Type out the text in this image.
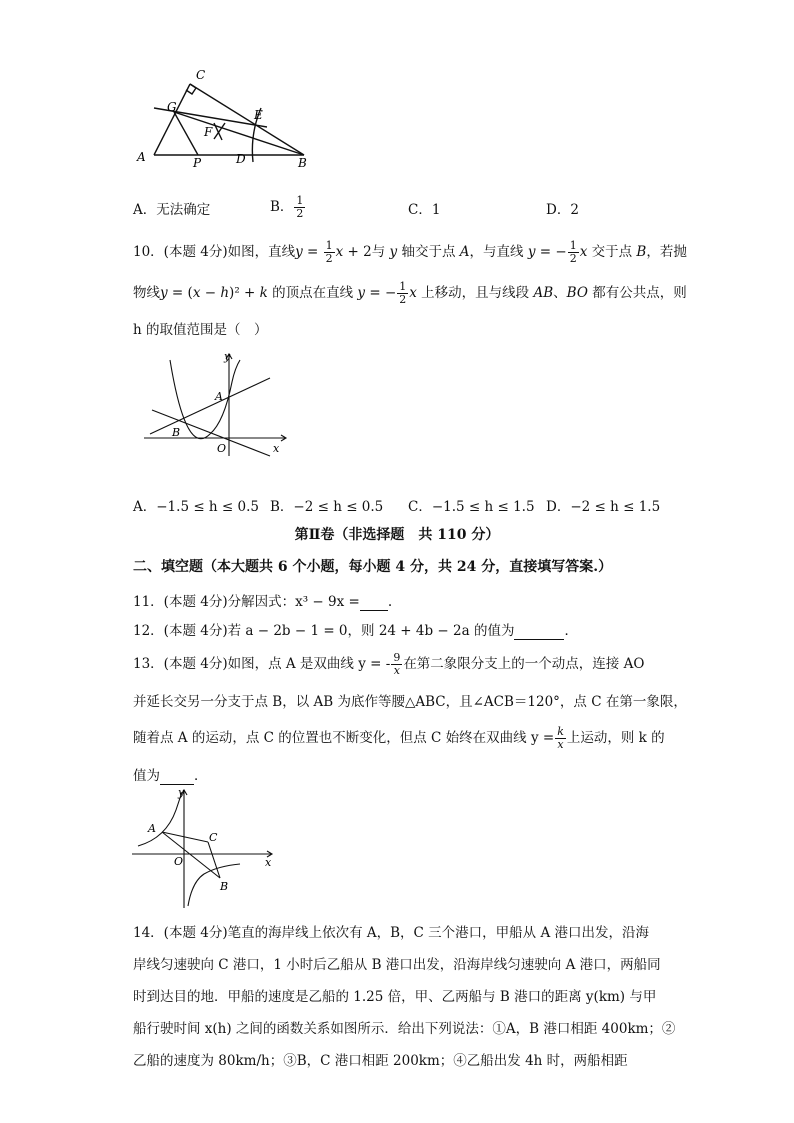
C
G
E
F
A	P	D	B
A．无法确定	B． $\frac{1}{2}$	C．1	D．2
10．(本题 4分)如图，直线$y = \frac{1}{2}$ x + 2与 y 轴交于点 A，与直线 y = − $\frac{1}{2}$ x 交于点 B，若抛
物线y = (x − h)² + k 的顶点在直线 y = − $\frac{1}{2}$ x 上移动，且与线段 AB、BO 都有公共点，则
h 的取值范围是（　）
y
A
B
O	x
A．−1.5 ≤ h ≤ 0.5 B．−2 ≤ h ≤ 0.5 C．−1.5 ≤ h ≤ 1.5 D．−2 ≤ h ≤ 1.5
第Ⅱ卷（非选择题　共 110 分）
二、填空题（本大题共 6 个小题，每小题 4 分，共 24 分，直接填写答案.）
11．(本题 4分)分解因式：x³ − 9x = .
12．(本题 4分)若 a − 2b − 1 = 0，则 24 + 4b − 2a 的值为	．
13．(本题 4分)如图，点 A 是双曲线 y = - $\frac{9}{x}$ 在第二象限分支上的一个动点，连接 AO
并延长交另一分支于点 B，以 AB 为底作等腰△ABC，且∠ACB＝120°，点 C 在第一象限，
随着点 A 的运动，点 C 的位置也不断变化，但点 C 始终在双曲线 $y = \frac{k}{x}$ 上运动，则 k 的
值为	．
y
A
C
O	x
B
14．(本题 4分)笔直的海岸线上依次有 A，B，C 三个港口，甲船从 A 港口出发，沿海
岸线匀速驶向 C 港口，1 小时后乙船从 B 港口出发，沿海岸线匀速驶向 A 港口，两船同
时到达目的地．甲船的速度是乙船的 1.25 倍，甲、乙两船与 B 港口的距离 y(km) 与甲
船行驶时间 x(h) 之间的函数关系如图所示．给出下列说法：①A，B 港口相距 400km；②
乙船的速度为 80km/h；③B，C 港口相距 200km；④乙船出发 4h 时，两船相距
